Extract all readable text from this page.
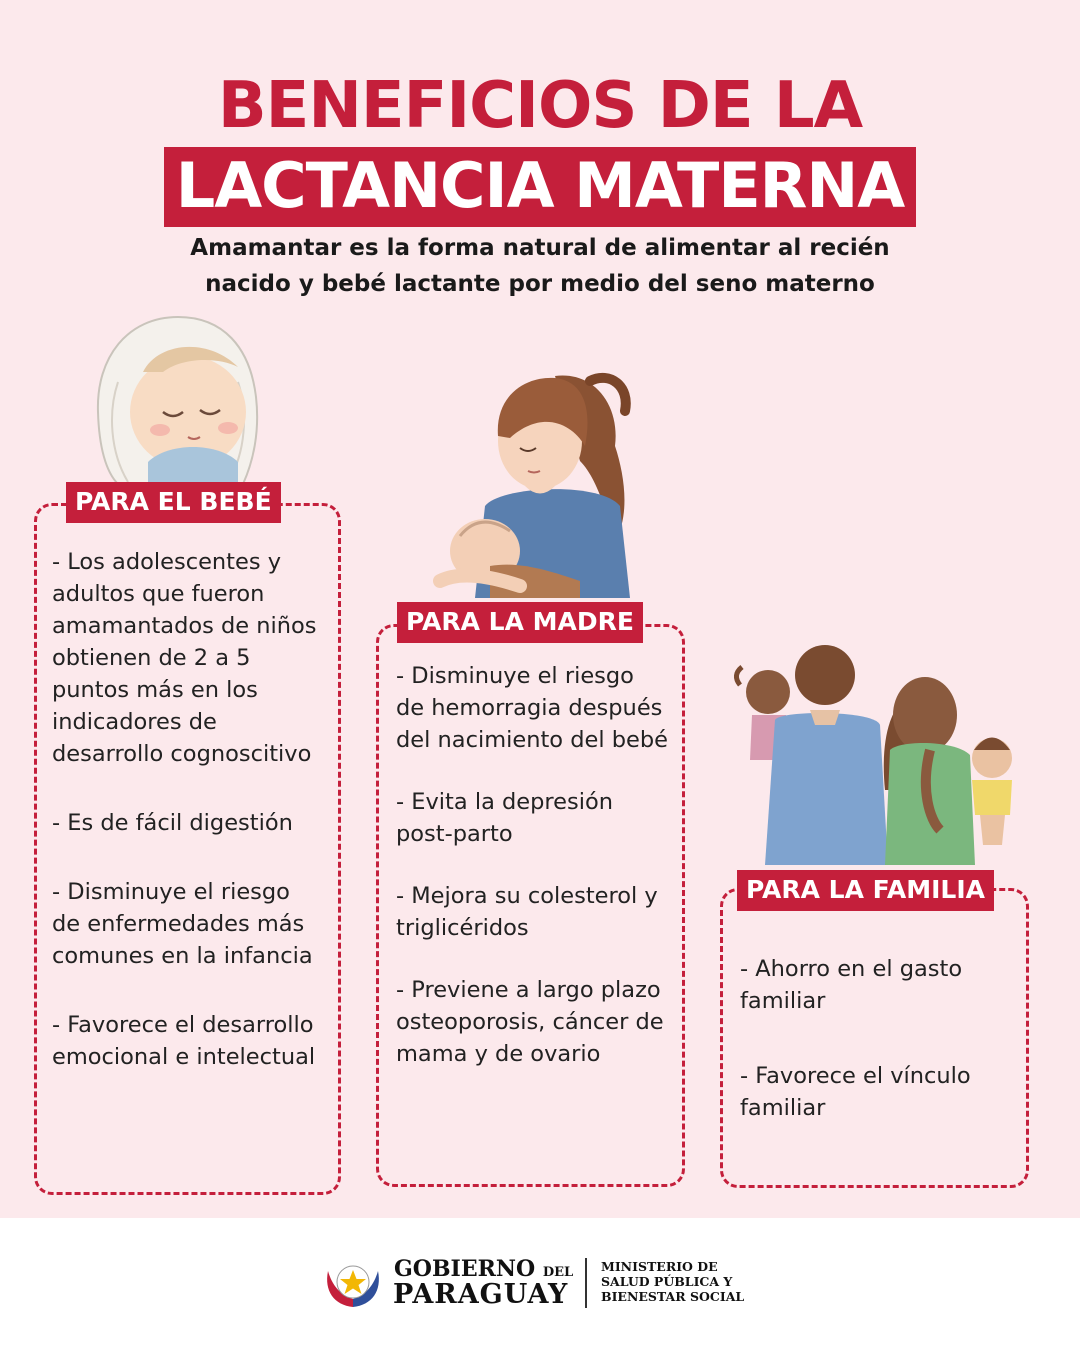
BENEFICIOS DE LA
LACTANCIA MATERNA
Amamantar es la forma natural de alimentar al recién
nacido y bebé lactante por medio del seno materno
PARA EL BEBÉ
- Los adolescentes y adultos que fueron amamantados de niños obtienen de 2 a 5 puntos más en los indicadores de desarrollo cognoscitivo
- Es de fácil digestión
- Disminuye el riesgo de enfermedades más comunes en la infancia
- Favorece el desarrollo emocional e intelectual
PARA LA MADRE
- Disminuye el riesgo de hemorragia después del nacimiento del bebé
- Evita la depresión post-parto
- Mejora su colesterol y triglicéridos
- Previene a largo plazo osteoporosis, cáncer de mama y de ovario
PARA LA FAMILIA
- Ahorro en el gasto familiar
- Favorece el vínculo familiar
GOBIERNO DEL
PARAGUAY
MINISTERIO DE
SALUD PÚBLICA Y
BIENESTAR SOCIAL
